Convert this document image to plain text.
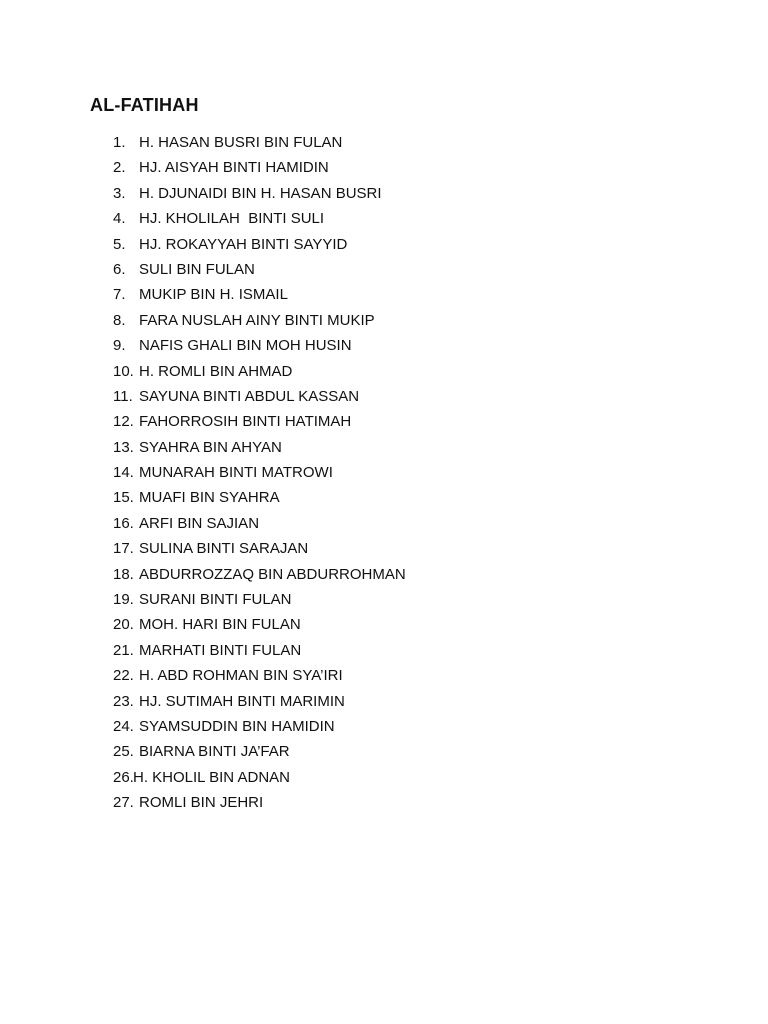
AL-FATIHAH
1. H. HASAN BUSRI BIN FULAN
2. HJ. AISYAH BINTI HAMIDIN
3. H. DJUNAIDI BIN H. HASAN BUSRI
4. HJ. KHOLILAH  BINTI SULI
5. HJ. ROKAYYAH BINTI SAYYID
6. SULI BIN FULAN
7. MUKIP BIN H. ISMAIL
8. FARA NUSLAH AINY BINTI MUKIP
9. NAFIS GHALI BIN MOH HUSIN
10. H. ROMLI BIN AHMAD
11. SAYUNA BINTI ABDUL KASSAN
12. FAHORROSIH BINTI HATIMAH
13. SYAHRA BIN AHYAN
14. MUNARAH BINTI MATROWI
15. MUAFI BIN SYAHRA
16. ARFI BIN SAJIAN
17. SULINA BINTI SARAJAN
18. ABDURROZZAQ BIN ABDURROHMAN
19. SURANI BINTI FULAN
20. MOH. HARI BIN FULAN
21. MARHATI BINTI FULAN
22. H. ABD ROHMAN BIN SYA’IRI
23. HJ. SUTIMAH BINTI MARIMIN
24. SYAMSUDDIN BIN HAMIDIN
25. BIARNA BINTI JA’FAR
26. H. KHOLIL BIN ADNAN
27. ROMLI BIN JEHRI
